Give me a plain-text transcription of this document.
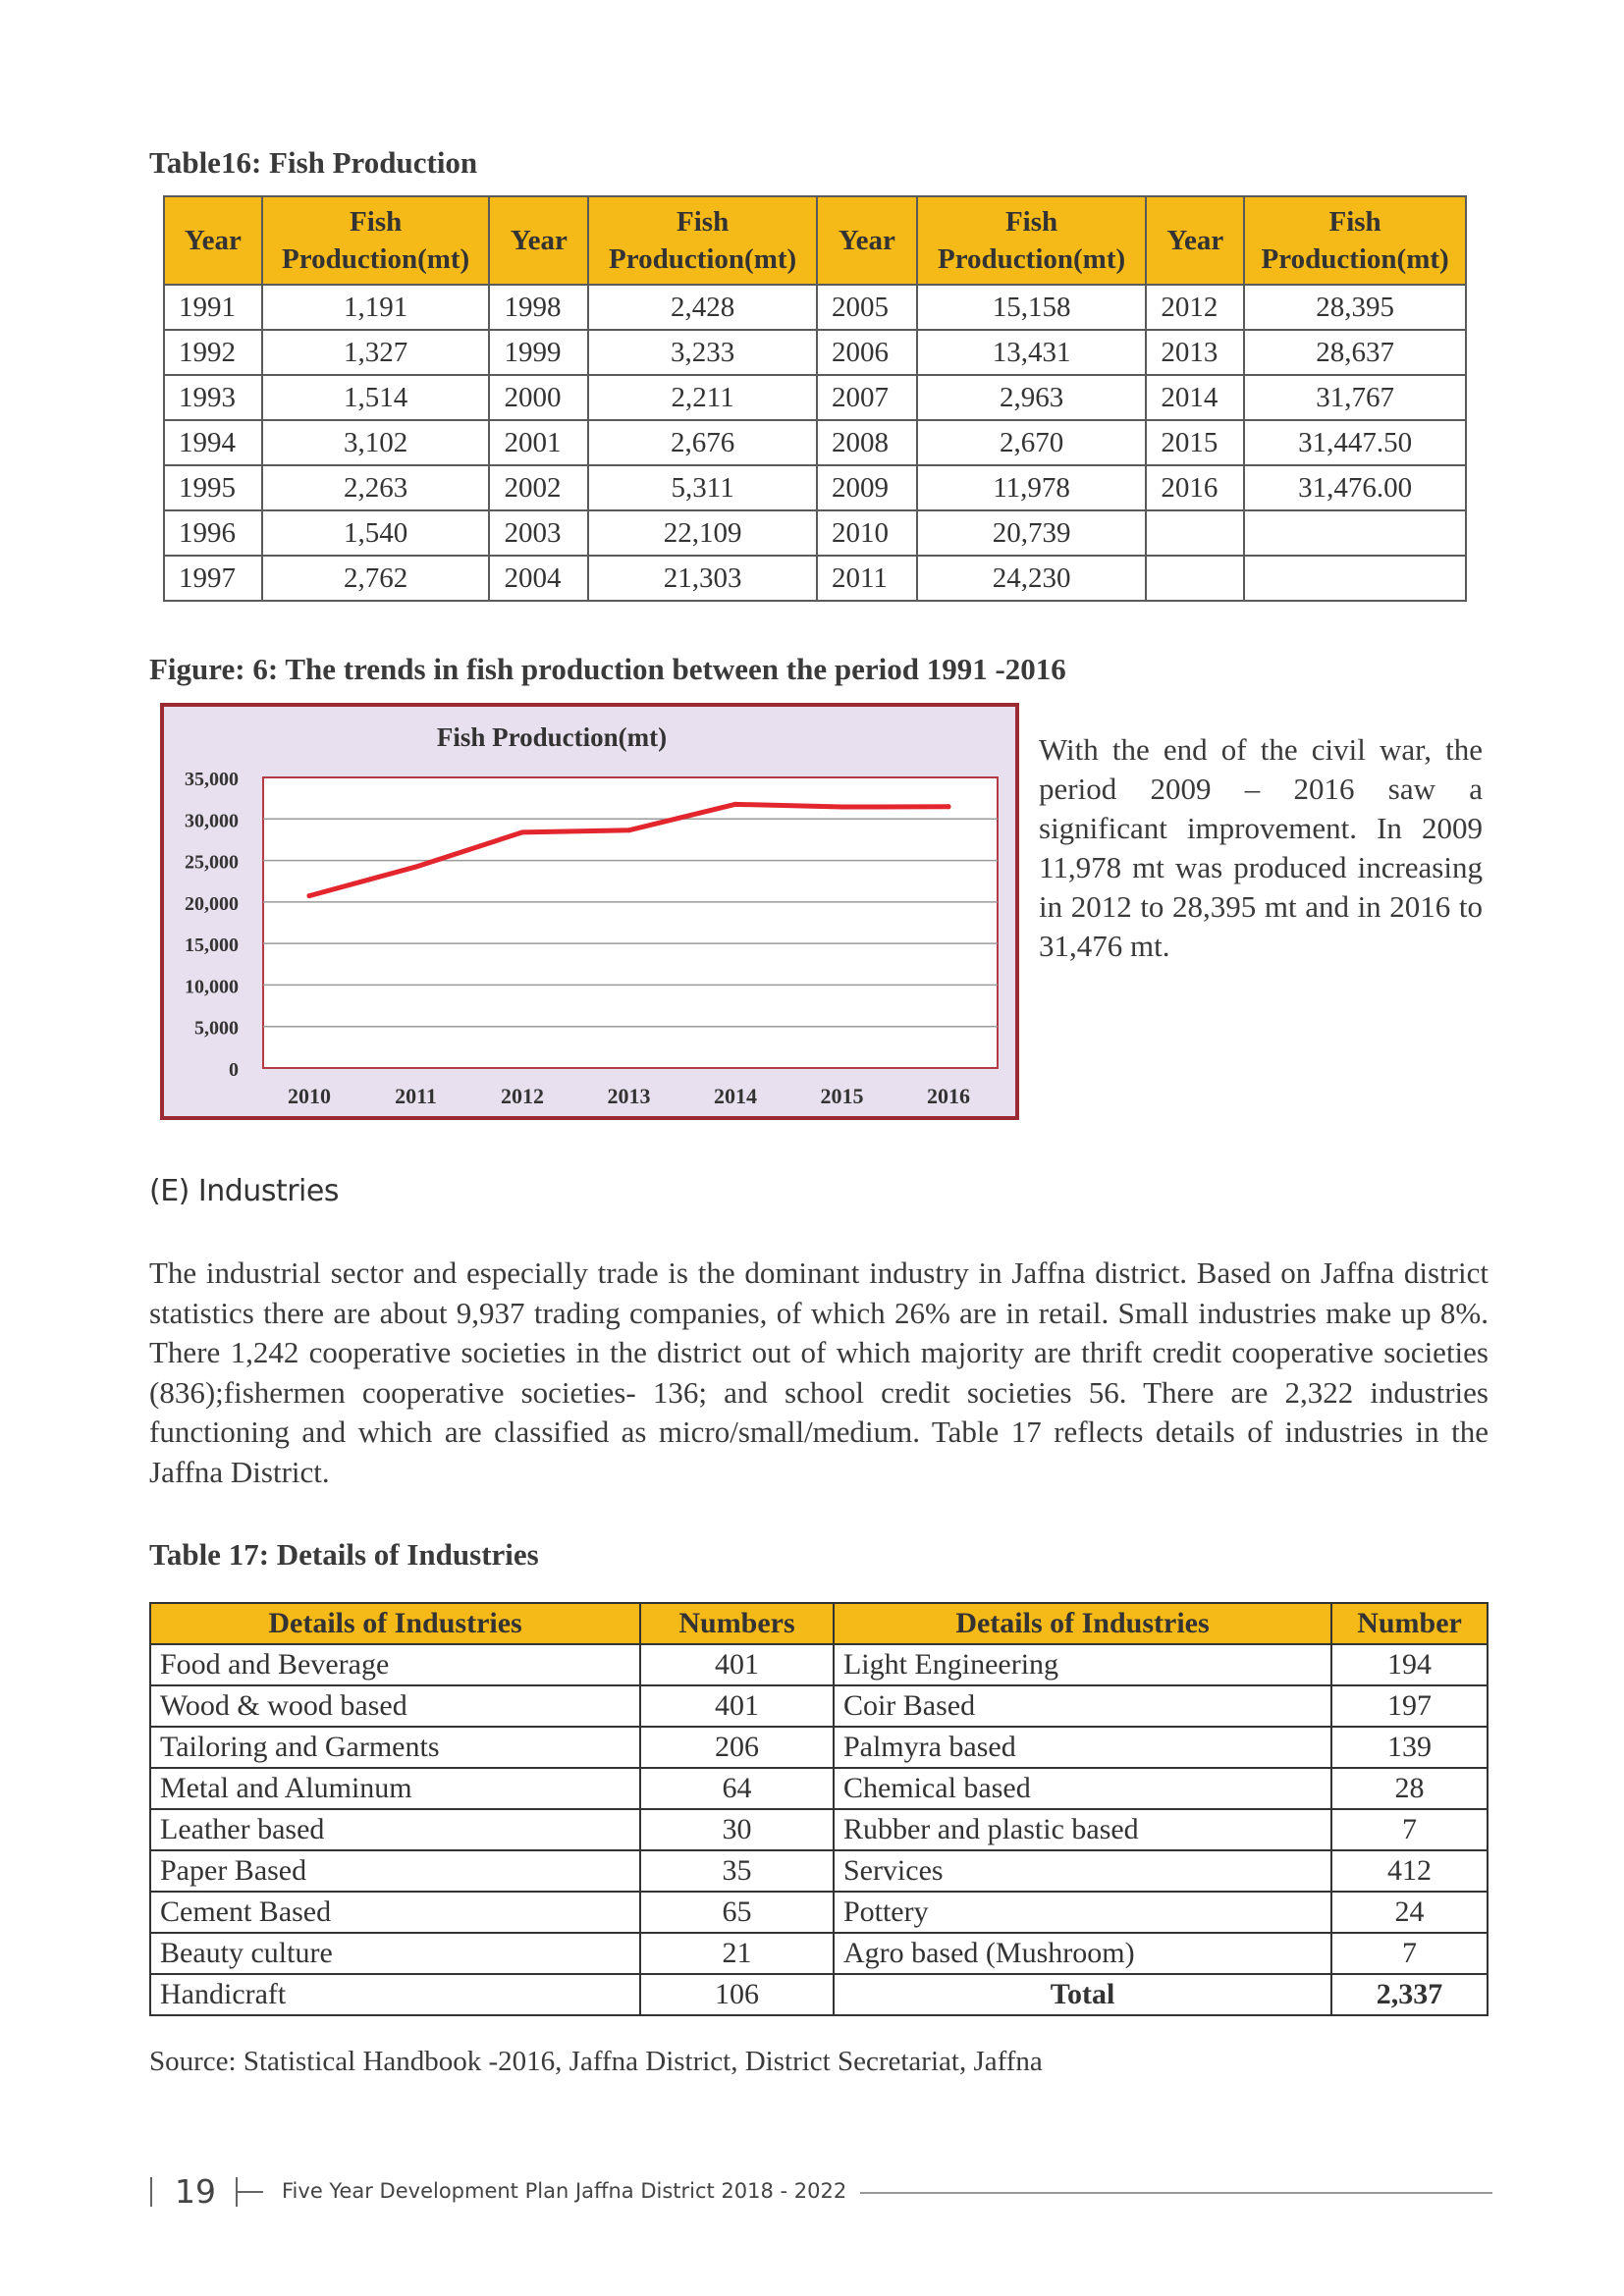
Table16: Fish Production
Year	Fish Production(mt)	Year	Fish Production(mt)	Year	Fish Production(mt)	Year	Fish Production(mt)
1991	1,191	1998	2,428	2005	15,158	2012	28,395
1992	1,327	1999	3,233	2006	13,431	2013	28,637
1993	1,514	2000	2,211	2007	2,963	2014	31,767
1994	3,102	2001	2,676	2008	2,670	2015	31,447.50
1995	2,263	2002	5,311	2009	11,978	2016	31,476.00
1996	1,540	2003	22,109	2010	20,739		
1997	2,762	2004	21,303	2011	24,230		
Figure: 6: The trends in fish production between the period 1991 -2016
Fish Production(mt)
0
5,000
10,000
15,000
20,000
25,000
30,000
35,000
2010	2011	2012	2013	2014	2015	2016
With the end of the civil war, the period 2009 – 2016 saw a significant improvement. In 2009 11,978 mt was produced increasing in 2012 to 28,395 mt and in 2016 to 31,476 mt.
(E) Industries
The industrial sector and especially trade is the dominant industry in Jaffna district. Based on Jaffna district statistics there are about 9,937 trading companies, of which 26% are in retail. Small industries make up 8%. There 1,242 cooperative societies in the district out of which majority are thrift credit cooperative societies (836);fishermen cooperative societies- 136; and school credit societies 56. There are 2,322 industries functioning and which are classified as micro/small/medium. Table 17 reflects details of industries in the Jaffna District.
Table 17: Details of Industries
Details of Industries	Numbers	Details of Industries	Number
Food and Beverage	401	Light Engineering	194
Wood & wood based	401	Coir Based	197
Tailoring and Garments	206	Palmyra based	139
Metal and Aluminum	64	Chemical based	28
Leather based	30	Rubber and plastic based	7
Paper Based	35	Services	412
Cement Based	65	Pottery	24
Beauty culture	21	Agro based (Mushroom)	7
Handicraft	106	Total	2,337
Source: Statistical Handbook -2016, Jaffna District, District Secretariat, Jaffna
19	Five Year Development Plan Jaffna District 2018 - 2022
